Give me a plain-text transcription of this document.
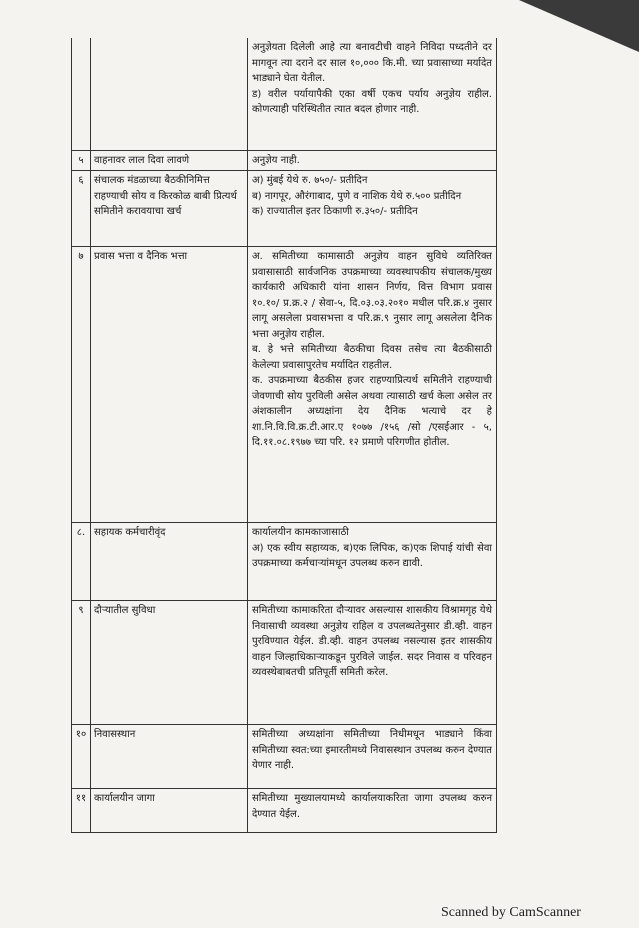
		अनुज्ञेयता दिलेली आहे त्या बनावटीची वाहने निविदा पध्दतीने दर मागवून त्या दराने दर साल १०,००० कि.मी. च्या प्रवासाच्या मर्यादेत भाड्याने घेता येतील.
ड) वरील पर्यायापैकी एका वर्षी एकच पर्याय अनुज्ञेय राहील. कोणत्याही परिस्थितीत त्यात बदल होणार नाही.

५	वाहनावर लाल दिवा लावणे	अनुज्ञेय नाही.
६	संचालक मंडळाच्या बैठकीनिमित्त राहण्याची सोय व किरकोळ बाबी प्रित्यर्थ समितीने करावयाचा खर्च	अ) मुंबई येथे रु. ७५०/- प्रतीदिन
ब) नागपूर, औरंगाबाद, पुणे व नाशिक येथे रु.५०० प्रतीदिन
क) राज्यातील इतर ठिकाणी रु.३५०/- प्रतीदिन
७	प्रवास भत्ता व दैनिक भत्ता	अ. समितीच्या कामासाठी अनुज्ञेय वाहन सुविधे व्यतिरिक्त प्रवासासाठी सार्वजनिक उपक्रमाच्या व्यवस्थापकीय संचालक/मुख्य कार्यकारी अधिकारी यांना शासन निर्णय, वित्त विभाग प्रवास १०.१०/ प्र.क्र.२ / सेवा-५, दि.०३.०३.२०१० मधील परि.क्र.४ नुसार लागू असलेला प्रवासभत्ता व परि.क्र.९ नुसार लागू असलेला दैनिक भत्ता अनुज्ञेय राहील.
ब. हे भत्ते समितीच्या बैठकीचा दिवस तसेच त्या बैठकीसाठी केलेल्या प्रवासापुरतेच मर्यादित राहतील.
क. उपक्रमाच्या बैठकीस हजर राहण्याप्रित्यर्थ समितीने राहण्याची जेवणाची सोय पुरविली असेल अथवा त्यासाठी खर्च केला असेल तर अंशकालीन अध्यक्षांना देय दैनिक भत्याचे दर हे शा.नि.वि.वि.क्र.टी.आर.ए १०७७ /१५६ /सो /एसईआर - ५, दि.११.०८.१९७७ च्या परि. १२ प्रमाणे परिगणीत होतील.
८.	सहायक कर्मचारीवृंद	कार्यालयीन कामकाजासाठी
अ) एक स्वीय सहाय्यक, ब)एक लिपिक, क)एक शिपाई यांची सेवा उपक्रमाच्या कर्मचाऱ्यांमधून उपलब्ध करुन द्यावी.
९	दौऱ्यातील सुविधा	समितीच्या कामाकरिता दौऱ्यावर असल्यास शासकीय विश्रामगृह येथे निवासाची व्यवस्था अनुज्ञेय राहिल व उपलब्धतेनुसार डी.व्ही. वाहन पुरविण्यात येईल. डी.व्ही. वाहन उपलब्ध नसल्यास इतर शासकीय वाहन जिल्हाधिकाऱ्याकडून पुरविले जाईल. सदर निवास व परिवहन व्यवस्थेबाबतची प्रतिपूर्ती समिती करेल.
१०	निवासस्थान	समितीच्या अध्यक्षांना समितीच्या निधीमधून भाड्याने किंवा समितीच्या स्वत:च्या इमारतीमध्ये निवासस्थान उपलब्ध करुन देण्यात येणार नाही.
११	कार्यालयीन जागा	समितीच्या मुख्यालयामध्ये कार्यालयाकरिता जागा उपलब्ध करुन देण्यात येईल.
Scanned by CamScanner
